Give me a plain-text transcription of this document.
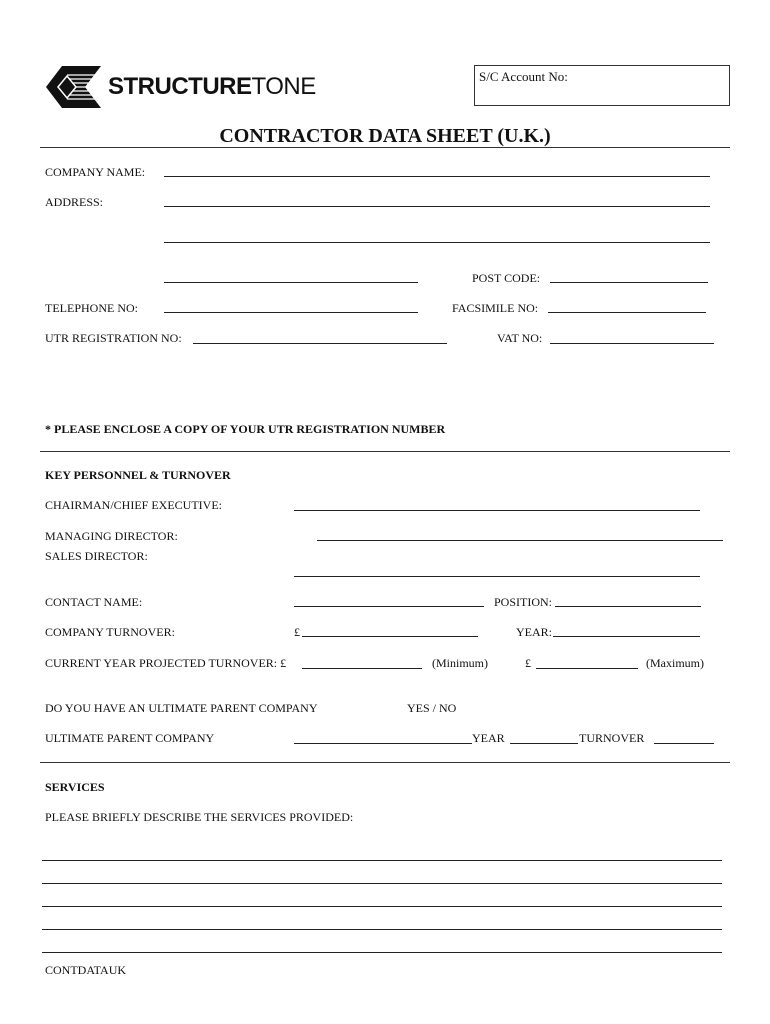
STRUCTURETONE	S/C Account No:
CONTRACTOR DATA SHEET (U.K.)
COMPANY NAME:
ADDRESS:
POST CODE:
TELEPHONE NO:	FACSIMILE NO:
UTR REGISTRATION NO:	VAT NO:
* PLEASE ENCLOSE A COPY OF YOUR UTR REGISTRATION NUMBER
KEY PERSONNEL & TURNOVER
CHAIRMAN/CHIEF EXECUTIVE:
MANAGING DIRECTOR:
SALES DIRECTOR:
CONTACT NAME:	POSITION:
COMPANY TURNOVER:	£	YEAR:
CURRENT YEAR PROJECTED TURNOVER: £	(Minimum)	£	(Maximum)
DO YOU HAVE AN ULTIMATE PARENT COMPANY	YES / NO
ULTIMATE PARENT COMPANY	YEAR	TURNOVER
SERVICES
PLEASE BRIEFLY DESCRIBE THE SERVICES PROVIDED:
CONTDATAUK
